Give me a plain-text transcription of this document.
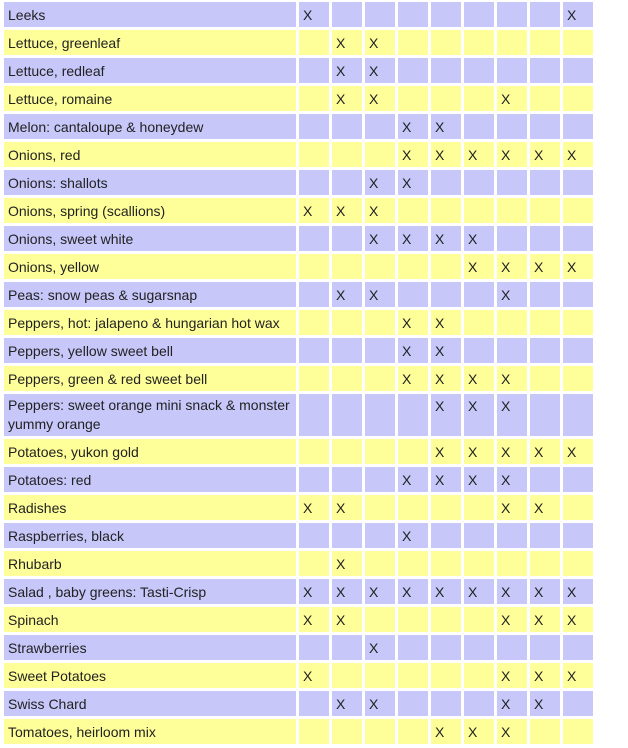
Leeks	X								X
Lettuce, greenleaf		X	X						
Lettuce, redleaf		X	X						
Lettuce, romaine		X	X				X		
Melon: cantaloupe & honeydew				X	X				
Onions, red				X	X	X	X	X	X
Onions: shallots			X	X					
Onions, spring (scallions)	X	X	X						
Onions, sweet white			X	X	X	X			
Onions, yellow						X	X	X	X
Peas: snow peas & sugarsnap		X	X				X		
Peppers, hot: jalapeno & hungarian hot wax				X	X				
Peppers, yellow sweet bell				X	X				
Peppers, green & red sweet bell				X	X	X	X		
Peppers: sweet orange mini snack & monster yummy orange					X	X	X		
Potatoes, yukon gold					X	X	X	X	X
Potatoes: red				X	X	X	X		
Radishes	X	X					X	X	
Raspberries, black				X					
Rhubarb		X							
Salad , baby greens: Tasti-Crisp	X	X	X	X	X	X	X	X	X
Spinach	X	X					X	X	X
Strawberries			X						
Sweet Potatoes	X						X	X	X
Swiss Chard		X	X				X	X	
Tomatoes, heirloom mix					X	X	X		
